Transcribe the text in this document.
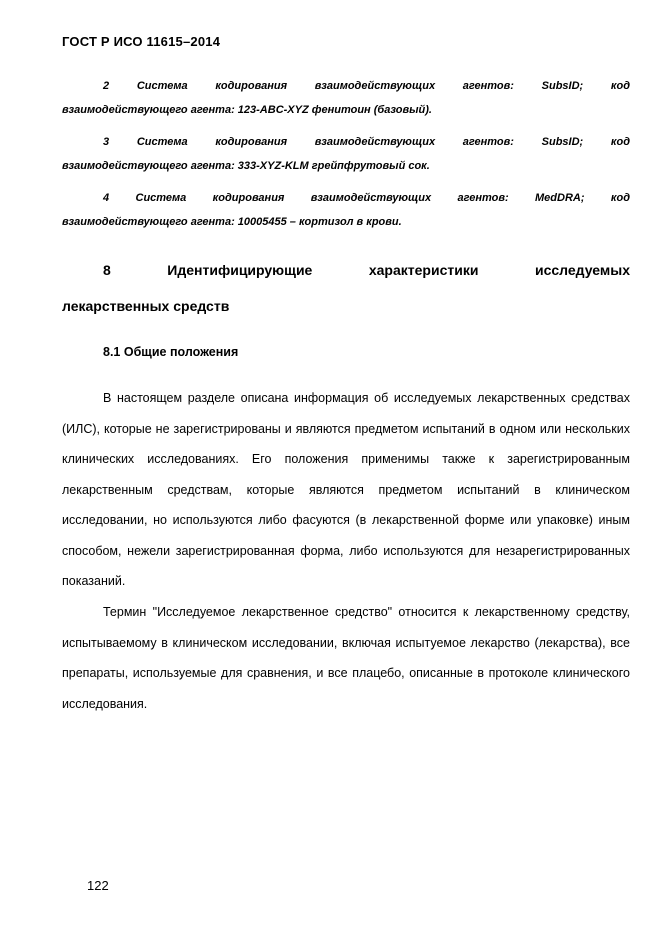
ГОСТ Р ИСО 11615–2014
2 Система кодирования взаимодействующих агентов: SubsID; код
взаимодействующего агента: 123-ABC-XYZ фенитоин (базовый).
3 Система кодирования взаимодействующих агентов: SubsID; код
взаимодействующего агента: 333-XYZ-KLM грейпфрутовый сок.
4 Система кодирования взаимодействующих агентов: MedDRA; код
взаимодействующего агента: 10005455 – кортизол в крови.
8 Идентифицирующие характеристики исследуемых
лекарственных средств
8.1 Общие положения

В настоящем разделе описана информация об исследуемых лекарственных средствах (ИЛС), которые не зарегистрированы и являются предметом испытаний в одном или нескольких клинических исследованиях. Его положения применимы также к зарегистрированным лекарственным средствам, которые являются предметом испытаний в клиническом исследовании, но используются либо фасуются (в лекарственной форме или упаковке) иным способом, нежели зарегистрированная форма, либо используются для незарегистрированных показаний.

Термин "Исследуемое лекарственное средство" относится к лекарственному средству, испытываемому в клиническом исследовании, включая испытуемое лекарство (лекарства), все препараты, используемые для сравнения, и все плацебо, описанные в протоколе клинического исследования.

122
